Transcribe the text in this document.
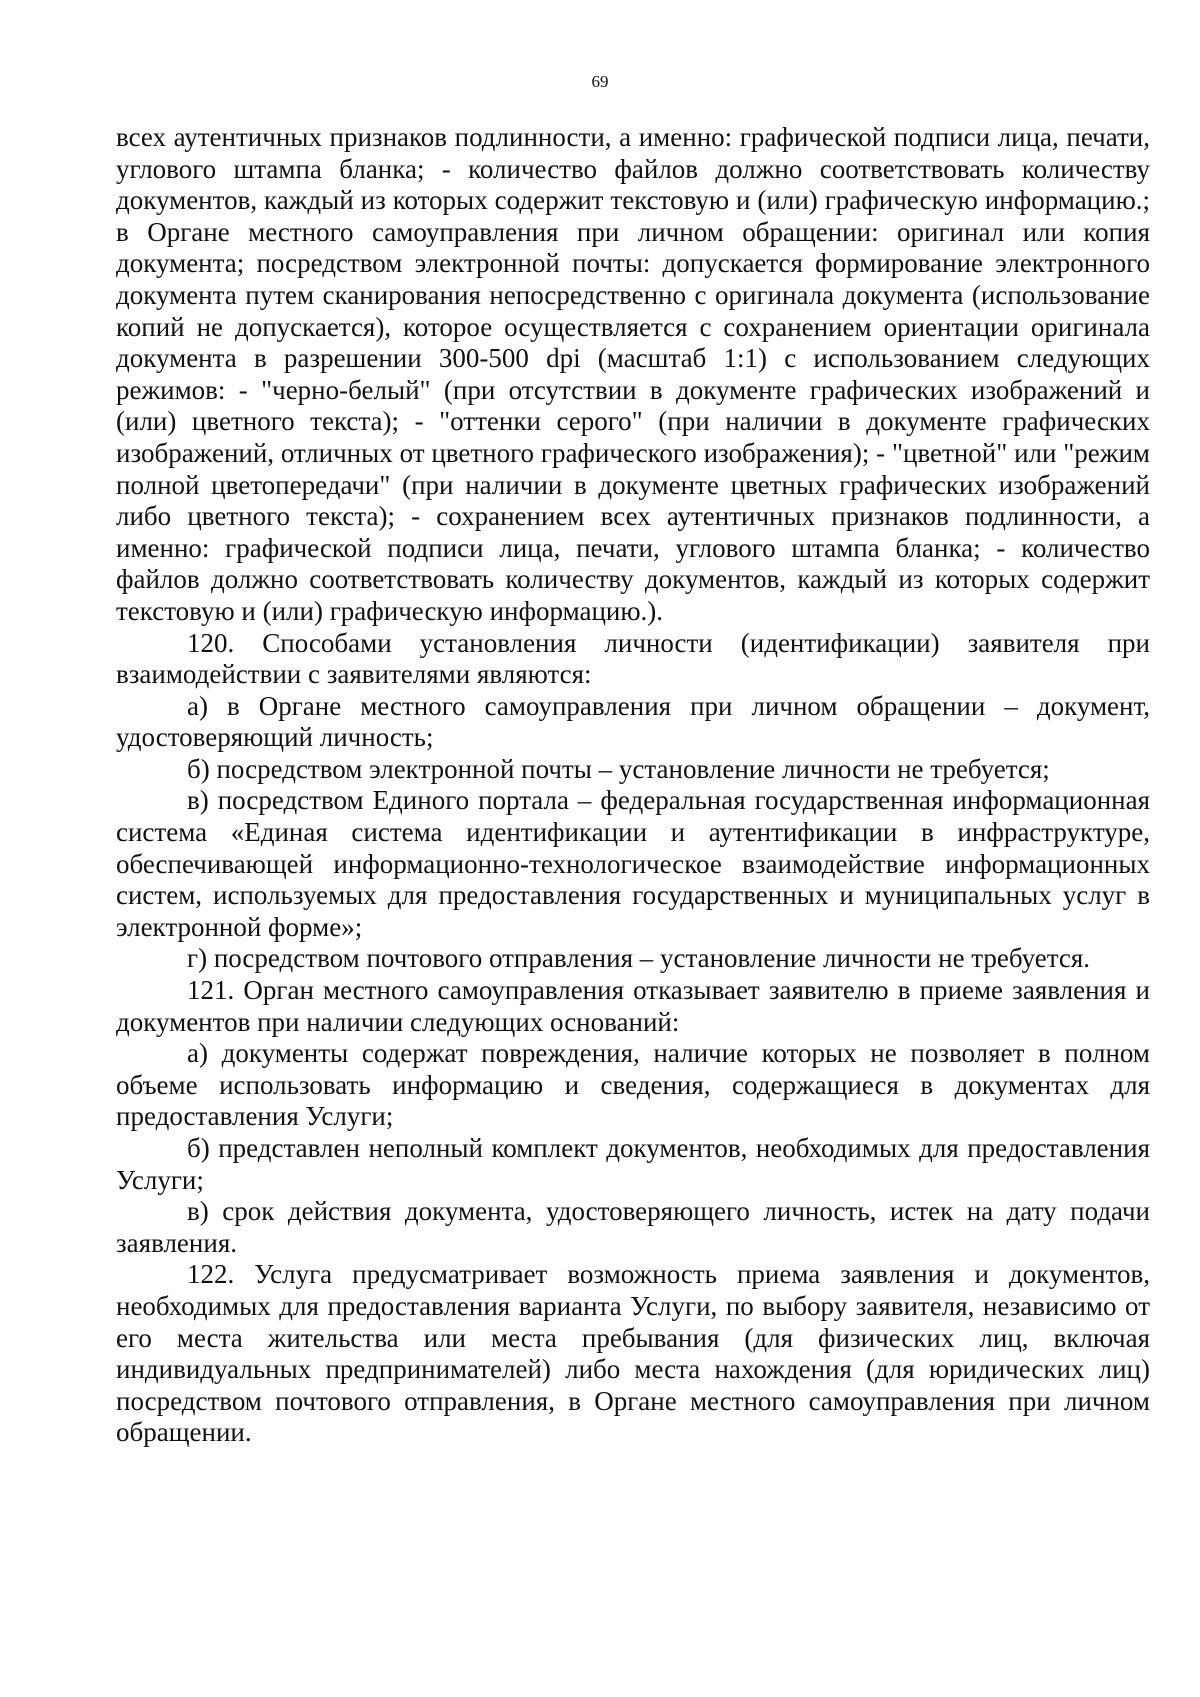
69

всех аутентичных признаков подлинности, а именно: графической подписи лица, печати, углового штампа бланка; - количество файлов должно соответствовать количеству документов, каждый из которых содержит текстовую и (или) графическую информацию.; в Органе местного самоуправления при личном обращении: оригинал или копия документа; посредством электронной почты: допускается формирование электронного документа путем сканирования непосредственно с оригинала документа (использование копий не допускается), которое осуществляется с сохранением ориентации оригинала документа в разрешении 300-500 dpi (масштаб 1:1) с использованием следующих режимов: - "черно-белый" (при отсутствии в документе графических изображений и (или) цветного текста); - "оттенки серого" (при наличии в документе графических изображений, отличных от цветного графического изображения); - "цветной" или "режим полной цветопередачи" (при наличии в документе цветных графических изображений либо цветного текста); - сохранением всех аутентичных признаков подлинности, а именно: графической подписи лица, печати, углового штампа бланка; - количество файлов должно соответствовать количеству документов, каждый из которых содержит текстовую и (или) графическую информацию.).

120. Способами установления личности (идентификации) заявителя при взаимодействии с заявителями являются:

а) в Органе местного самоуправления при личном обращении – документ, удостоверяющий личность;

б) посредством электронной почты – установление личности не требуется;

в) посредством Единого портала – федеральная государственная информационная система «Единая система идентификации и аутентификации в инфраструктуре, обеспечивающей информационно-технологическое взаимодействие информационных систем, используемых для предоставления государственных и муниципальных услуг в электронной форме»;

г) посредством почтового отправления – установление личности не требуется.

121. Орган местного самоуправления отказывает заявителю в приеме заявления и документов при наличии следующих оснований:

а) документы содержат повреждения, наличие которых не позволяет в полном объеме использовать информацию и сведения, содержащиеся в документах для предоставления Услуги;

б) представлен неполный комплект документов, необходимых для предоставления Услуги;

в) срок действия документа, удостоверяющего личность, истек на дату подачи заявления.

122. Услуга предусматривает возможность приема заявления и документов, необходимых для предоставления варианта Услуги, по выбору заявителя, независимо от его места жительства или места пребывания (для физических лиц, включая индивидуальных предпринимателей) либо места нахождения (для юридических лиц) посредством почтового отправления, в Органе местного самоуправления при личном обращении.
